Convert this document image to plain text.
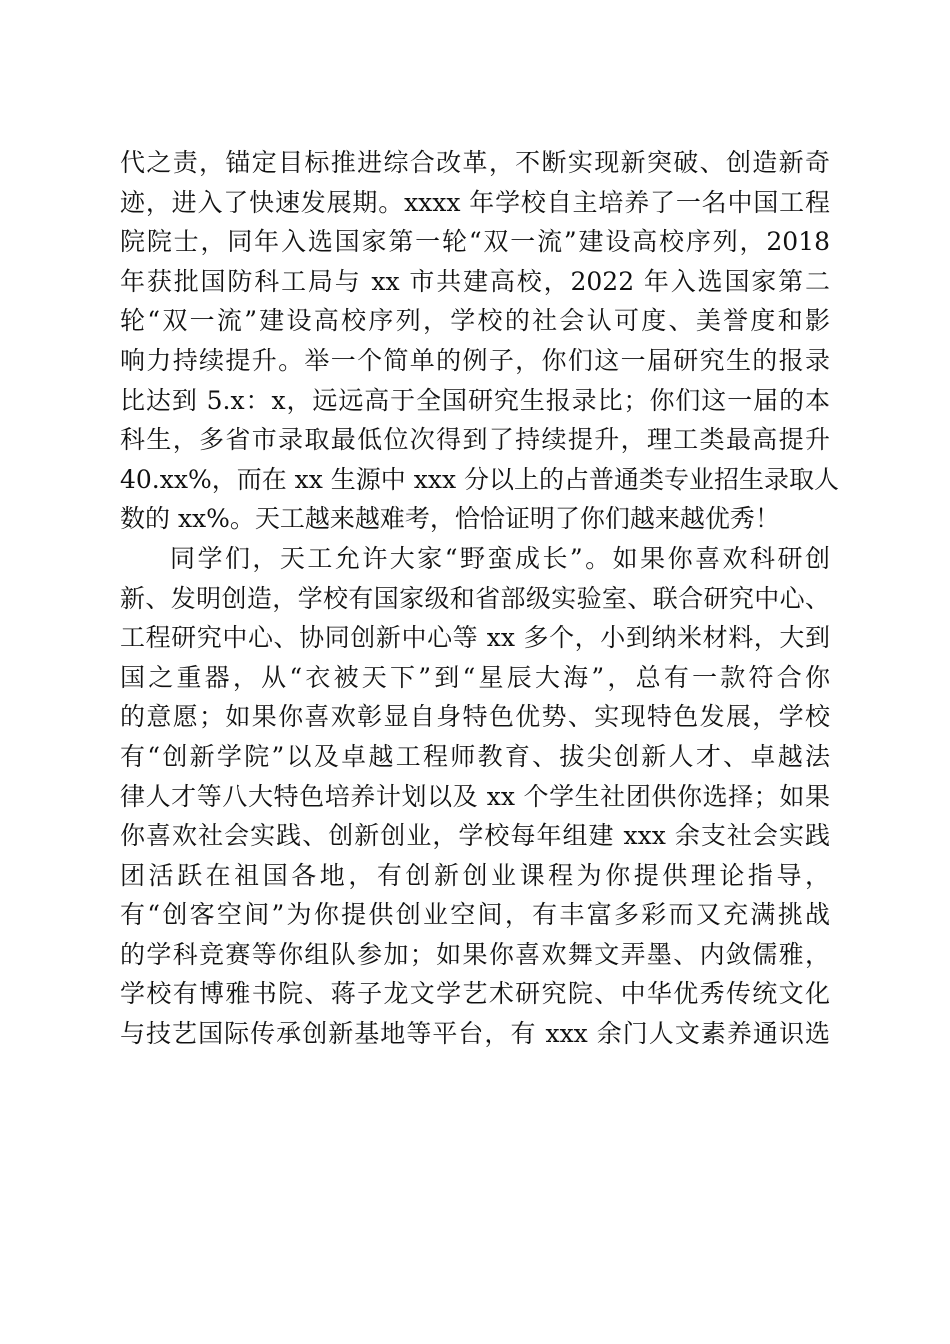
代之责，锚定目标推进综合改革，不断实现新突破、创造新奇
迹，进入了快速发展期。xxxx 年学校自主培养了一名中国工程
院院士，同年入选国家第一轮“双一流”建设高校序列，2018
年获批国防科工局与 xx 市共建高校，2022 年入选国家第二
轮“双一流”建设高校序列，学校的社会认可度、美誉度和影
响力持续提升。举一个简单的例子，你们这一届研究生的报录
比达到 5.x：x，远远高于全国研究生报录比；你们这一届的本
科生，多省市录取最低位次得到了持续提升，理工类最高提升
40.xx%，而在 xx 生源中 xxx 分以上的占普通类专业招生录取人
数的 xx%。天工越来越难考，恰恰证明了你们越来越优秀！
同学们，天工允许大家“野蛮成长”。如果你喜欢科研创
新、发明创造，学校有国家级和省部级实验室、联合研究中心、
工程研究中心、协同创新中心等 xx 多个，小到纳米材料，大到
国之重器，从“衣被天下”到“星辰大海”，总有一款符合你
的意愿；如果你喜欢彰显自身特色优势、实现特色发展，学校
有“创新学院”以及卓越工程师教育、拔尖创新人才、卓越法
律人才等八大特色培养计划以及 xx 个学生社团供你选择；如果
你喜欢社会实践、创新创业，学校每年组建 xxx 余支社会实践
团活跃在祖国各地，有创新创业课程为你提供理论指导，
有“创客空间”为你提供创业空间，有丰富多彩而又充满挑战
的学科竞赛等你组队参加；如果你喜欢舞文弄墨、内敛儒雅，
学校有博雅书院、蒋子龙文学艺术研究院、中华优秀传统文化
与技艺国际传承创新基地等平台，有 xxx 余门人文素养通识选
